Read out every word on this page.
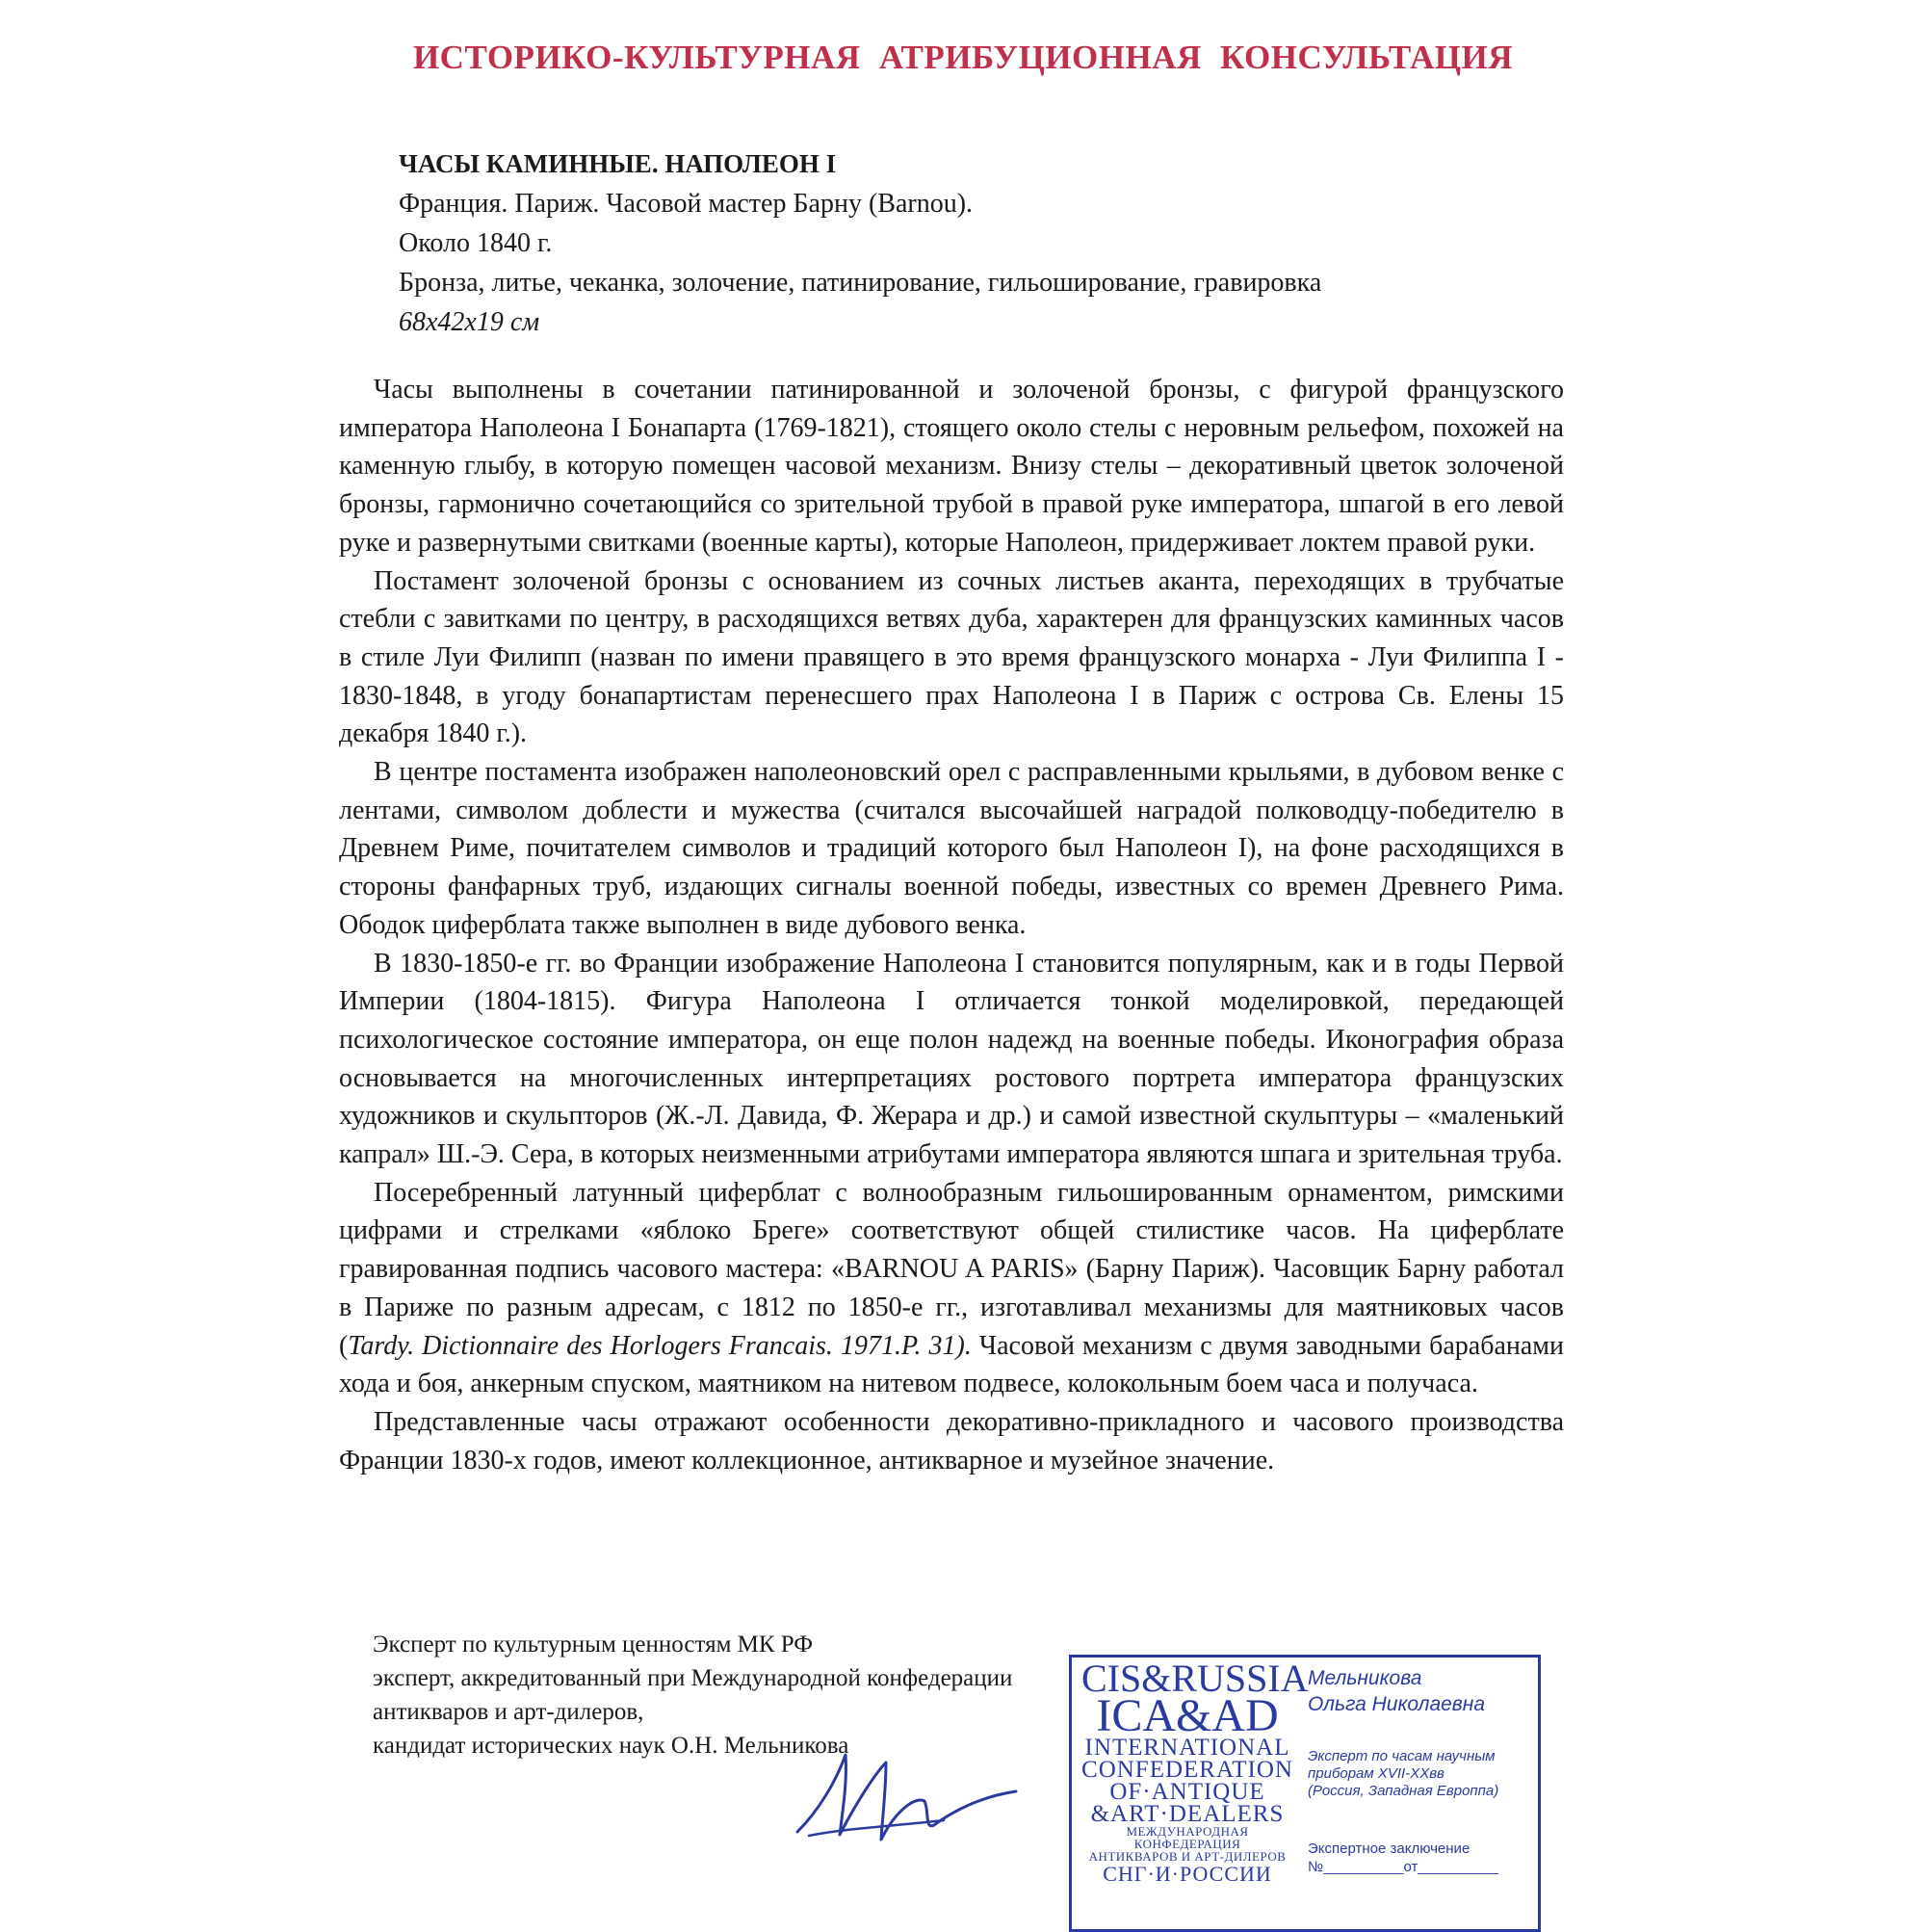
ИСТОРИКО-КУЛЬТУРНАЯ АТРИБУЦИОННАЯ КОНСУЛЬТАЦИЯ
ЧАСЫ КАМИННЫЕ. НАПОЛЕОН I
Франция. Париж. Часовой мастер Барну (Barnou).
Около 1840 г.
Бронза, литье, чеканка, золочение, патинирование, гильоширование, гравировка
68x42x19 см

Часы выполнены в сочетании патинированной и золоченой бронзы, с фигурой французского императора Наполеона I Бонапарта (1769-1821), стоящего около стелы с неровным рельефом, похожей на каменную глыбу, в которую помещен часовой механизм. Внизу стелы – декоративный цветок золоченой бронзы, гармонично сочетающийся со зрительной трубой в правой руке императора, шпагой в его левой руке и развернутыми свитками (военные карты), которые Наполеон, придерживает локтем правой руки.

Постамент золоченой бронзы с основанием из сочных листьев аканта, переходящих в трубчатые стебли с завитками по центру, в расходящихся ветвях дуба, характерен для французских каминных часов в стиле Луи Филипп (назван по имени правящего в это время французского монарха - Луи Филиппа I - 1830-1848, в угоду бонапартистам перенесшего прах Наполеона I в Париж с острова Св. Елены 15 декабря 1840 г.).

В центре постамента изображен наполеоновский орел с расправленными крыльями, в дубовом венке с лентами, символом доблести и мужества (считался высочайшей наградой полководцу-победителю в Древнем Риме, почитателем символов и традиций которого был Наполеон I), на фоне расходящихся в стороны фанфарных труб, издающих сигналы военной победы, известных со времен Древнего Рима. Ободок циферблата также выполнен в виде дубового венка.

В 1830-1850-е гг. во Франции изображение Наполеона I становится популярным, как и в годы Первой Империи (1804-1815). Фигура Наполеона I отличается тонкой моделировкой, передающей психологическое состояние императора, он еще полон надежд на военные победы. Иконография образа основывается на многочисленных интерпретациях ростового портрета императора французских художников и скульпторов (Ж.-Л. Давида, Ф. Жерара и др.) и самой известной скульптуры – «маленький капрал» Ш.-Э. Сера, в которых неизменными атрибутами императора являются шпага и зрительная труба.

Посеребренный латунный циферблат с волнообразным гильошированным орнаментом, римскими цифрами и стрелками «яблоко Бреге» соответствуют общей стилистике часов. На циферблате гравированная подпись часового мастера: «BARNOU A PARIS» (Барну Париж). Часовщик Барну работал в Париже по разным адресам, с 1812 по 1850-е гг., изготавливал механизмы для маятниковых часов (Tardy. Dictionnaire des Horlogers Francais. 1971.P. 31). Часовой механизм с двумя заводными барабанами хода и боя, анкерным спуском, маятником на нитевом подвесе, колокольным боем часа и получаса.

Представленные часы отражают особенности декоративно-прикладного и часового производства Франции 1830-х годов, имеют коллекционное, антикварное и музейное значение.

Эксперт по культурным ценностям МК РФ
эксперт, аккредитованный при Международной конфедерации
антикваров и арт-дилеров,
кандидат исторических наук О.Н. Мельникова
CIS&RUSSIA
ICA&AD
INTERNATIONAL
CONFEDERATION
OF·ANTIQUE
&ART·DEALERS
МЕЖДУНАРОДНАЯ КОНФЕДЕРАЦИЯ
АНТИКВАРОВ И АРТ-ДИЛЕРОВ
СНГ·И·РОССИИ
Мельникова
Ольга Николаевна
Эксперт по часам научным
приборам XVII-XXвв
(Россия, Западная Европпа)
Экспертное заключение
№__________от__________
